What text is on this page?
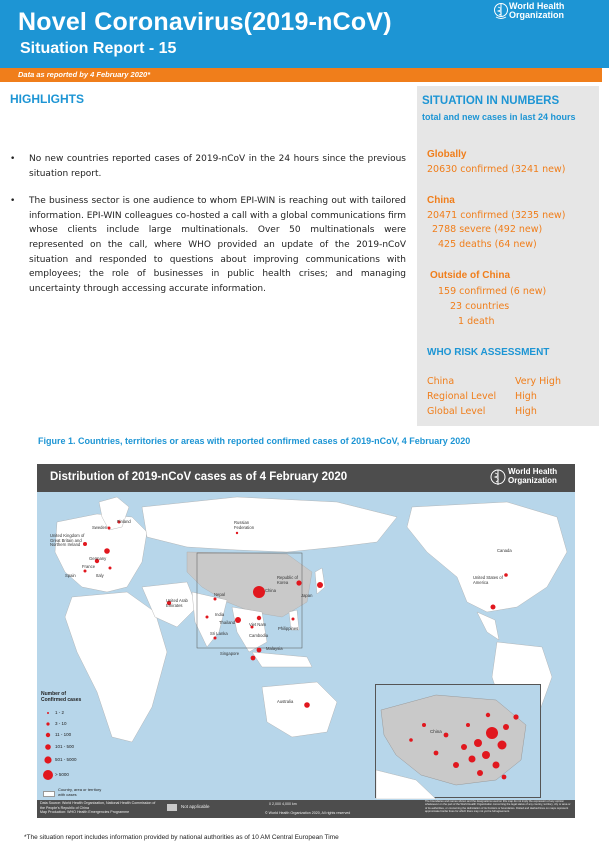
Novel Coronavirus(2019-nCoV)
Situation Report - 15
World Health
Organization
Data as reported by 4 February 2020*
HIGHLIGHTS
• No new countries reported cases of 2019-nCoV in the 24 hours since the previous situation report.
• The business sector is one audience to whom EPI-WIN is reaching out with tailored information. EPI-WIN colleagues co-hosted a call with a global communications firm whose clients include large multinationals. Over 50 multinationals were represented on the call, where WHO provided an update of the 2019-nCoV situation and responded to questions about improving communications with employees; the role of businesses in public health crises; and managing uncertainty through accessing accurate information.
SITUATION IN NUMBERS
total and new cases in last 24 hours
Globally
20630 confirmed (3241 new)
China
20471 confirmed (3235 new)
2788 severe (492 new)
425 deaths (64 new)
Outside of China
159 confirmed (6 new)
23 countries
1 death
WHO RISK ASSESSMENT
China	Very High
Regional Level High
Global Level	High
Figure 1. Countries, territories or areas with reported confirmed cases of 2019-nCoV, 4 February 2020
Distribution of 2019-nCoV cases as of 4 February 2020	World Health
Organization
Finland
Sweden
United Kingdom of Great Britain and Northern Ireland
Germany
France
Spain	Italy
Russian Federation
China
Republic of Korea
Japan
United Arab Emirates
Nepal
India
Thailand
Cambodia
Viet Nam
Philippines
Sri Lanka
Malaysia
Singapore
Australia
Canada
United States of America
Number of Confirmed cases
1 - 2
3 - 10
11 - 100
101 - 500
501 - 5000
> 5000
Country, area or territory with cases
China
Data Source: World Health Organization, National Health Commission of the People's Republic of China
Map Production: WHO Health Emergencies Programme
Not applicable	0 2,000 4,000 km
© World Health Organization 2020, All rights reserved
The boundaries and names shown and the designations used on this map do not imply the expression of any opinion whatsoever on the part of the World Health Organization concerning the legal status of any country, territory, city or area or of its authorities, or concerning the delimitation of its frontiers or boundaries. Dotted and dashed lines on maps represent approximate border lines for which there may not yet be full agreement.
*The situation report includes information provided by national authorities as of 10 AM Central European Time
